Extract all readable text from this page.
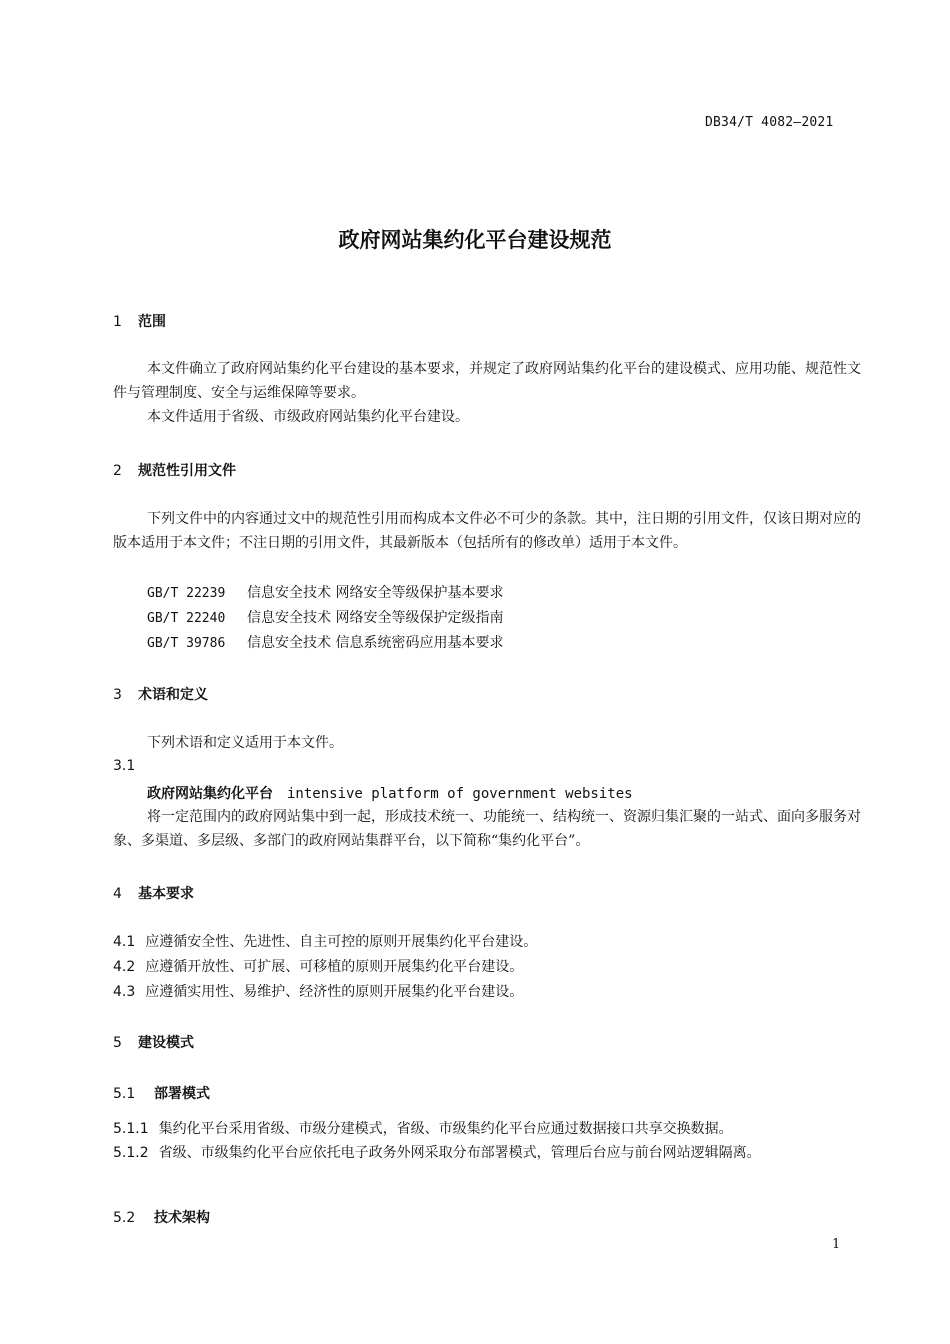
DB34/T 4082—2021
政府网站集约化平台建设规范
1 范围
本文件确立了政府网站集约化平台建设的基本要求，并规定了政府网站集约化平台的建设模式、应用功能、规范性文件与管理制度、安全与运维保障等要求。
本文件适用于省级、市级政府网站集约化平台建设。
2 规范性引用文件
下列文件中的内容通过文中的规范性引用而构成本文件必不可少的条款。其中，注日期的引用文件，仅该日期对应的版本适用于本文件；不注日期的引用文件，其最新版本（包括所有的修改单）适用于本文件。
GB/T 22239 信息安全技术 网络安全等级保护基本要求
GB/T 22240 信息安全技术 网络安全等级保护定级指南
GB/T 39786 信息安全技术 信息系统密码应用基本要求
3 术语和定义
下列术语和定义适用于本文件。
3.1
政府网站集约化平台 intensive platform of government websites
将一定范围内的政府网站集中到一起，形成技术统一、功能统一、结构统一、资源归集汇聚的一站式、面向多服务对象、多渠道、多层级、多部门的政府网站集群平台，以下简称“集约化平台”。
4 基本要求
4.1 应遵循安全性、先进性、自主可控的原则开展集约化平台建设。
4.2 应遵循开放性、可扩展、可移植的原则开展集约化平台建设。
4.3 应遵循实用性、易维护、经济性的原则开展集约化平台建设。
5 建设模式
5.1 部署模式
5.1.1 集约化平台采用省级、市级分建模式，省级、市级集约化平台应通过数据接口共享交换数据。
5.1.2 省级、市级集约化平台应依托电子政务外网采取分布部署模式，管理后台应与前台网站逻辑隔离。
5.2 技术架构
1
